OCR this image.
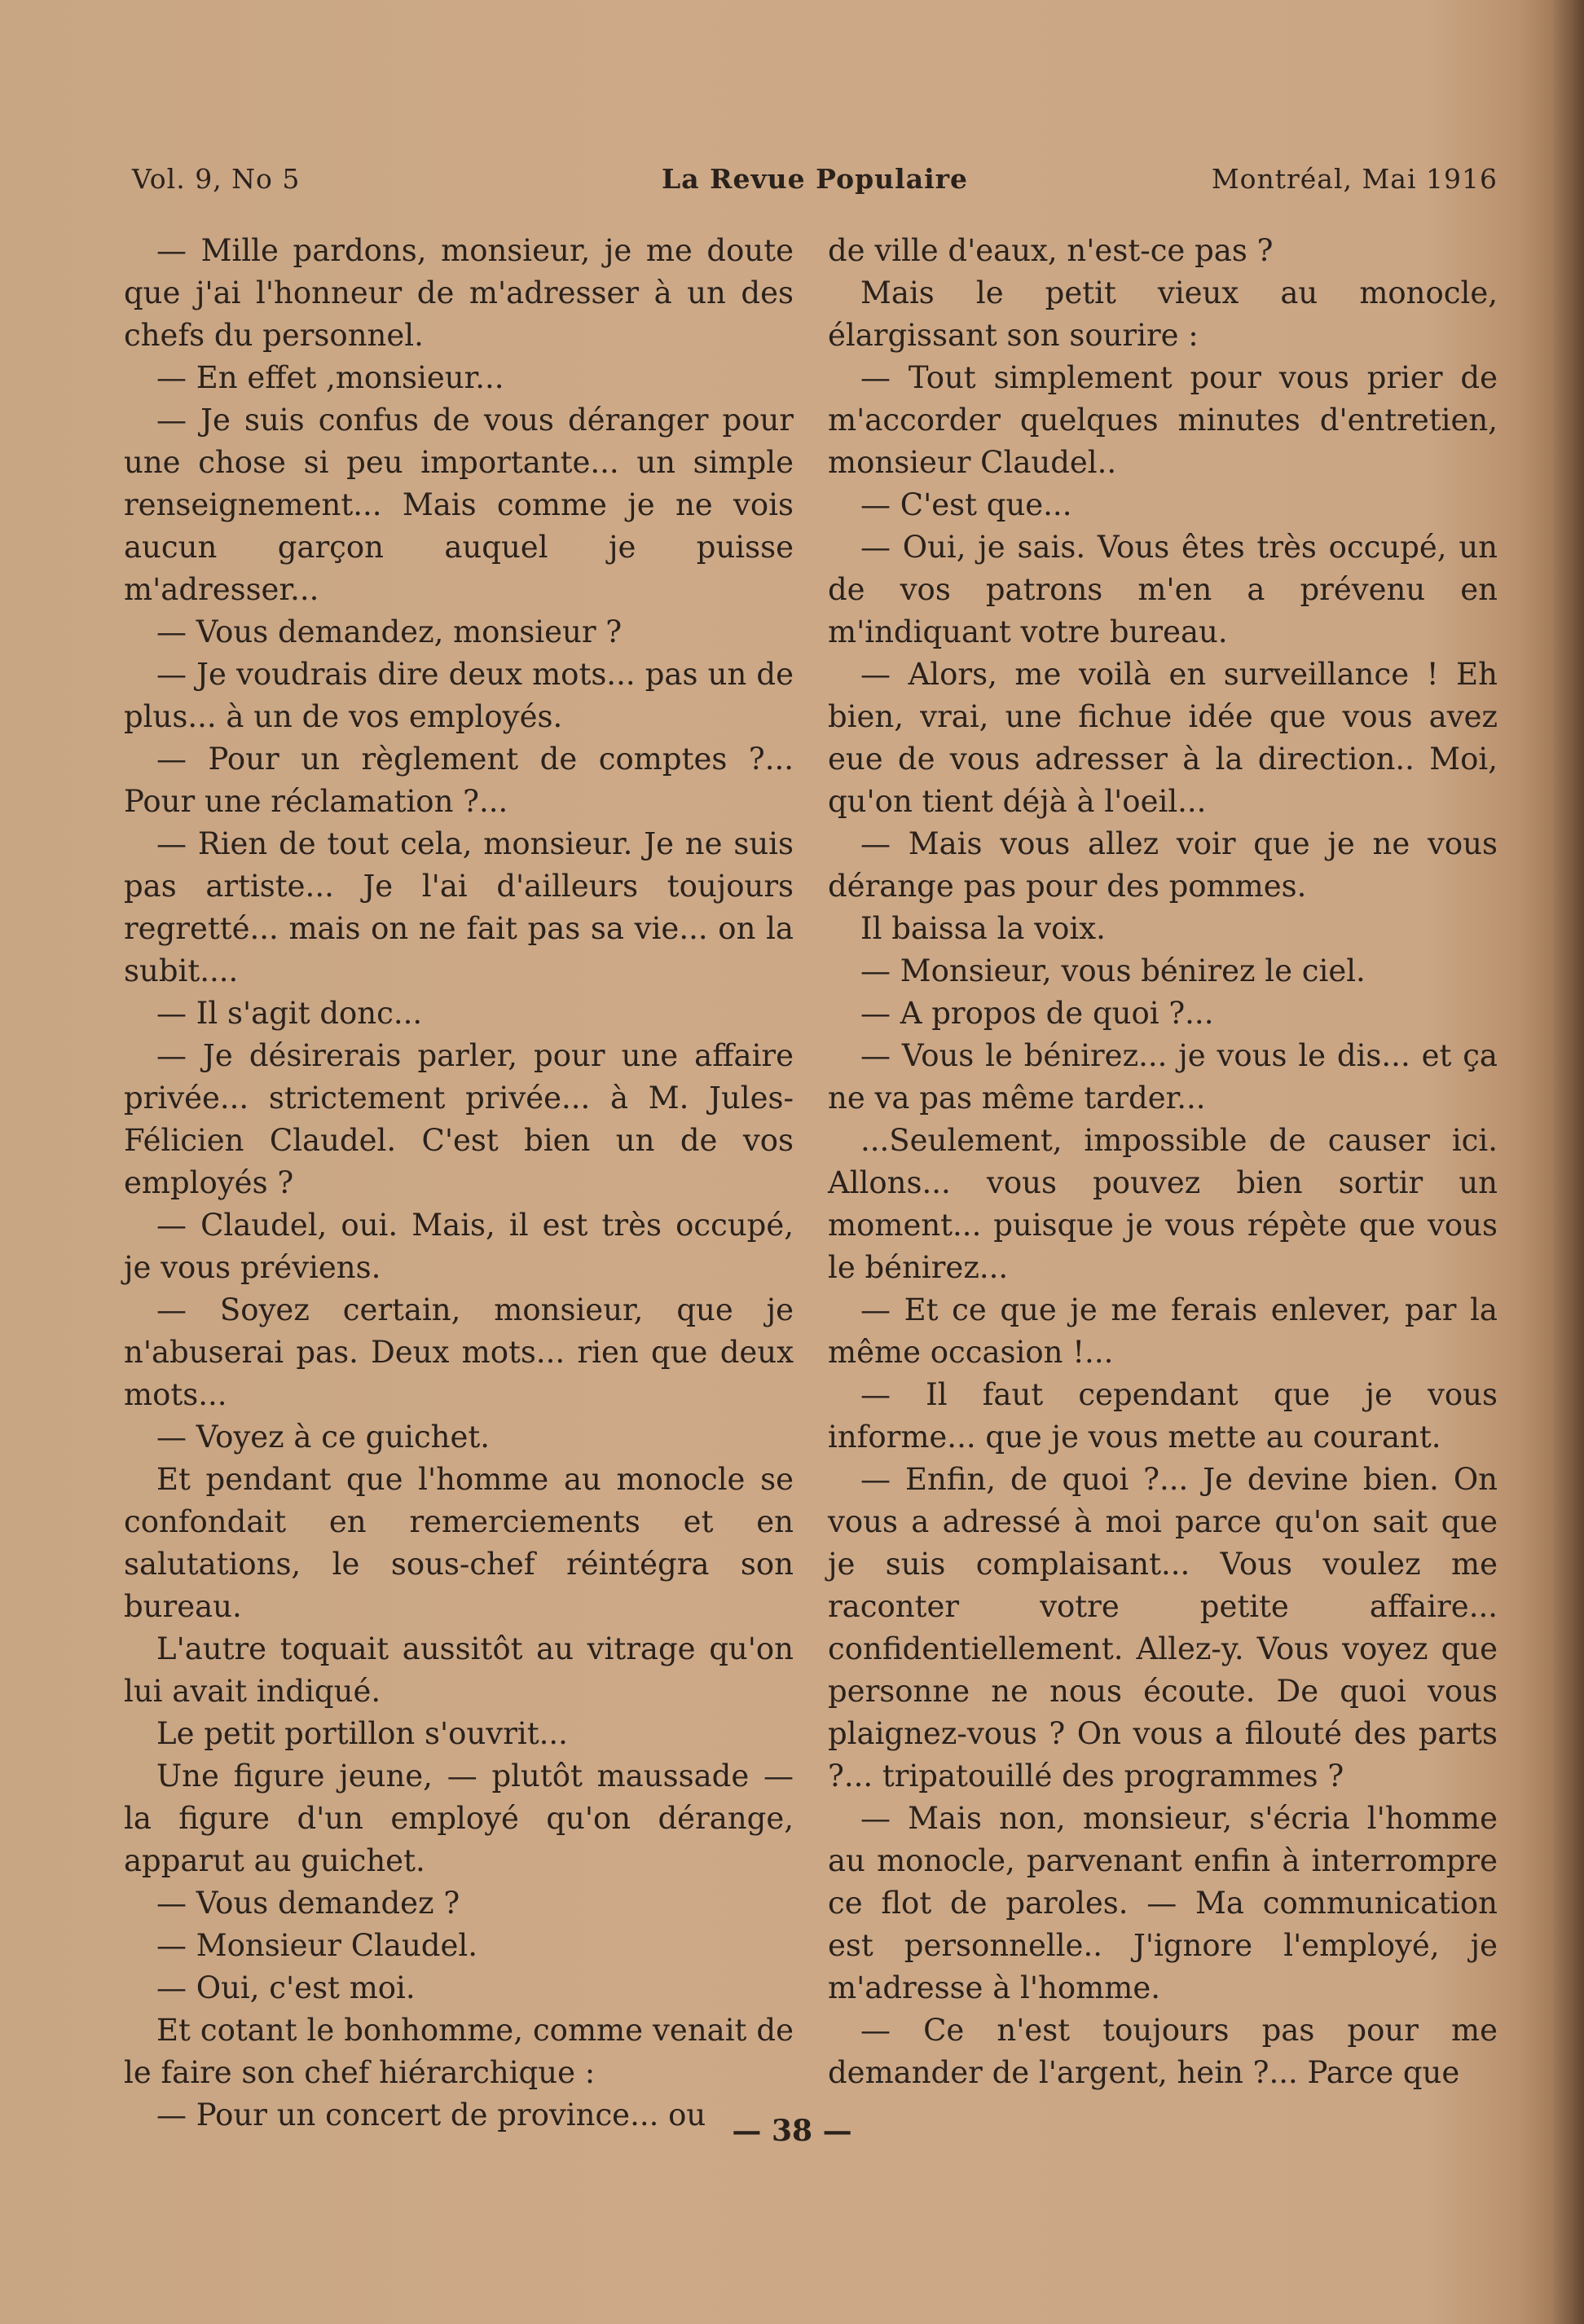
Vol. 9, No 5	La Revue Populaire	Montréal, Mai 1916

— Mille pardons, monsieur, je me doute que j'ai l'honneur de m'adresser à un des chefs du personnel.

— En effet ,monsieur...

— Je suis confus de vous déranger pour une chose si peu importante... un simple renseignement... Mais comme je ne vois aucun garçon auquel je puisse m'adresser...

— Vous demandez, monsieur ?

— Je voudrais dire deux mots... pas un de plus... à un de vos employés.

— Pour un règlement de comptes ?... Pour une réclamation ?...

— Rien de tout cela, monsieur. Je ne suis pas artiste... Je l'ai d'ailleurs toujours regretté... mais on ne fait pas sa vie... on la subit....

— Il s'agit donc...

— Je désirerais parler, pour une affaire privée... strictement privée... à M. Jules-Félicien Claudel. C'est bien un de vos employés ?

— Claudel, oui. Mais, il est très occupé, je vous préviens.

— Soyez certain, monsieur, que je n'abuserai pas. Deux mots... rien que deux mots...

— Voyez à ce guichet.

Et pendant que l'homme au monocle se confondait en remerciements et en salutations, le sous-chef réintégra son bureau.

L'autre toquait aussitôt au vitrage qu'on lui avait indiqué.

Le petit portillon s'ouvrit...

Une figure jeune, — plutôt maussade — la figure d'un employé qu'on dérange, apparut au guichet.

— Vous demandez ?

— Monsieur Claudel.

— Oui, c'est moi.

Et cotant le bonhomme, comme venait de le faire son chef hiérarchique :

— Pour un concert de province... ou

de ville d'eaux, n'est-ce pas ?

Mais le petit vieux au monocle, élargissant son sourire :

— Tout simplement pour vous prier de m'accorder quelques minutes d'entretien, monsieur Claudel..

— C'est que...

— Oui, je sais. Vous êtes très occupé, un de vos patrons m'en a prévenu en m'indiquant votre bureau.

— Alors, me voilà en surveillance ! Eh bien, vrai, une fichue idée que vous avez eue de vous adresser à la direction.. Moi, qu'on tient déjà à l'oeil...

— Mais vous allez voir que je ne vous dérange pas pour des pommes.

Il baissa la voix.

— Monsieur, vous bénirez le ciel.

— A propos de quoi ?...

— Vous le bénirez... je vous le dis... et ça ne va pas même tarder...

...Seulement, impossible de causer ici. Allons... vous pouvez bien sortir un moment... puisque je vous répète que vous le bénirez...

— Et ce que je me ferais enlever, par la même occasion !...

— Il faut cependant que je vous informe... que je vous mette au courant.

— Enfin, de quoi ?... Je devine bien. On vous a adressé à moi parce qu'on sait que je suis complaisant... Vous voulez me raconter votre petite affaire... confidentiellement. Allez-y. Vous voyez que personne ne nous écoute. De quoi vous plaignez-vous ? On vous a filouté des parts ?... tripatouillé des programmes ?

— Mais non, monsieur, s'écria l'homme au monocle, parvenant enfin à interrompre ce flot de paroles. — Ma communication est personnelle.. J'ignore l'employé, je m'adresse à l'homme.

— Ce n'est toujours pas pour me demander de l'argent, hein ?... Parce que

— 38 —
